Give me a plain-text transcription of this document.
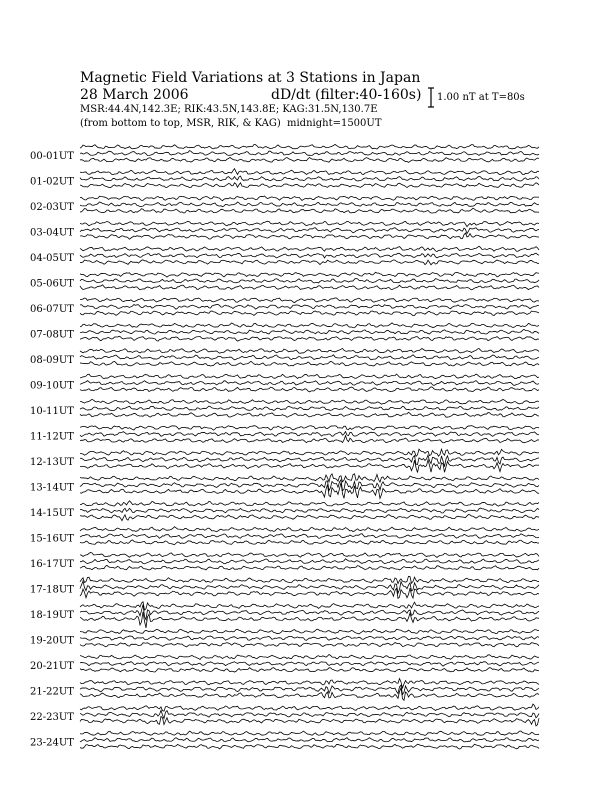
Magnetic Field Variations at 3 Stations in Japan
28 March 2006	dD/dt (filter:40-160s)
MSR:44.4N,142.3E; RIK:43.5N,143.8E; KAG:31.5N,130.7E
(from bottom to top, MSR, RIK, & KAG) midnight=1500UT
1.00 nT at T=80s
00-01UT
01-02UT
02-03UT
03-04UT
04-05UT
05-06UT
06-07UT
07-08UT
08-09UT
09-10UT
10-11UT
11-12UT
12-13UT
13-14UT
14-15UT
15-16UT
16-17UT
17-18UT
18-19UT
19-20UT
20-21UT
21-22UT
22-23UT
23-24UT
